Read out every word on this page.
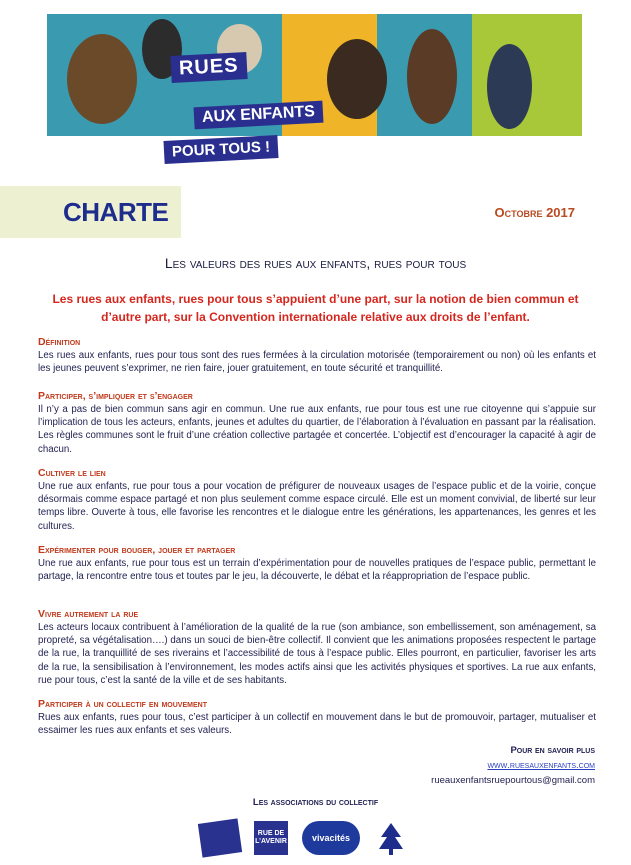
RUES
AUX ENFANTS
POUR TOUS !
CHARTE	Octobre 2017
Les valeurs des rues aux enfants, rues pour tous
Les rues aux enfants, rues pour tous s’appuient d’une part, sur la notion de bien commun et d’autre part, sur la Convention internationale relative aux droits de l’enfant.

Définition

Les rues aux enfants, rues pour tous sont des rues fermées à la circulation motorisée (temporairement ou non) où les enfants et les jeunes peuvent s’exprimer, ne rien faire, jouer gratuitement, en toute sécurité et tranquillité.

Participer, s’impliquer et s’engager

Il n’y a pas de bien commun sans agir en commun. Une rue aux enfants, rue pour tous est une rue citoyenne qui s’appuie sur l’implication de tous les acteurs, enfants, jeunes et adultes du quartier, de l’élaboration à l’évaluation en passant par la réalisation. Les règles communes sont le fruit d’une création collective partagée et concertée. L’objectif est d’encourager la capacité à agir de chacun.

Cultiver le lien

Une rue aux enfants, rue pour tous a pour vocation de préfigurer de nouveaux usages de l’espace public et de la voirie, conçue désormais comme espace partagé et non plus seulement comme espace circulé. Elle est un moment convivial, de liberté sur leur temps libre. Ouverte à tous, elle favorise les rencontres et le dialogue entre les générations, les appartenances, les genres et les cultures.

Expérimenter pour bouger, jouer et partager

Une rue aux enfants, rue pour tous est un terrain d’expérimentation pour de nouvelles pratiques de l’espace public, permettant le partage, la rencontre entre tous et toutes par le jeu, la découverte, le débat et la réappropriation de l’espace public.

Vivre autrement la rue

Les acteurs locaux contribuent à l’amélioration de la qualité de la rue (son ambiance, son embellissement, son aménagement, sa propreté, sa végétalisation….) dans un souci de bien-être collectif. Il convient que les animations proposées respectent le partage de la rue, la tranquillité de ses riverains et l’accessibilité de tous à l’espace public. Elles pourront, en particulier, favoriser les arts de la rue, la sensibilisation à l’environnement, les modes actifs ainsi que les activités physiques et sportives. La rue aux enfants, rue pour tous, c’est la santé de la ville et de ses habitants.

Participer à un collectif en mouvement

Rues aux enfants, rues pour tous, c’est participer à un collectif en mouvement dans le but de promouvoir, partager, mutualiser et essaimer les rues aux enfants et ses valeurs.

Pour en savoir plus
www.ruesauxenfants.com
rueauxenfantsruepourtous@gmail.com
Les associations du collectif
RUE DE L’AVENIR	vivacités
